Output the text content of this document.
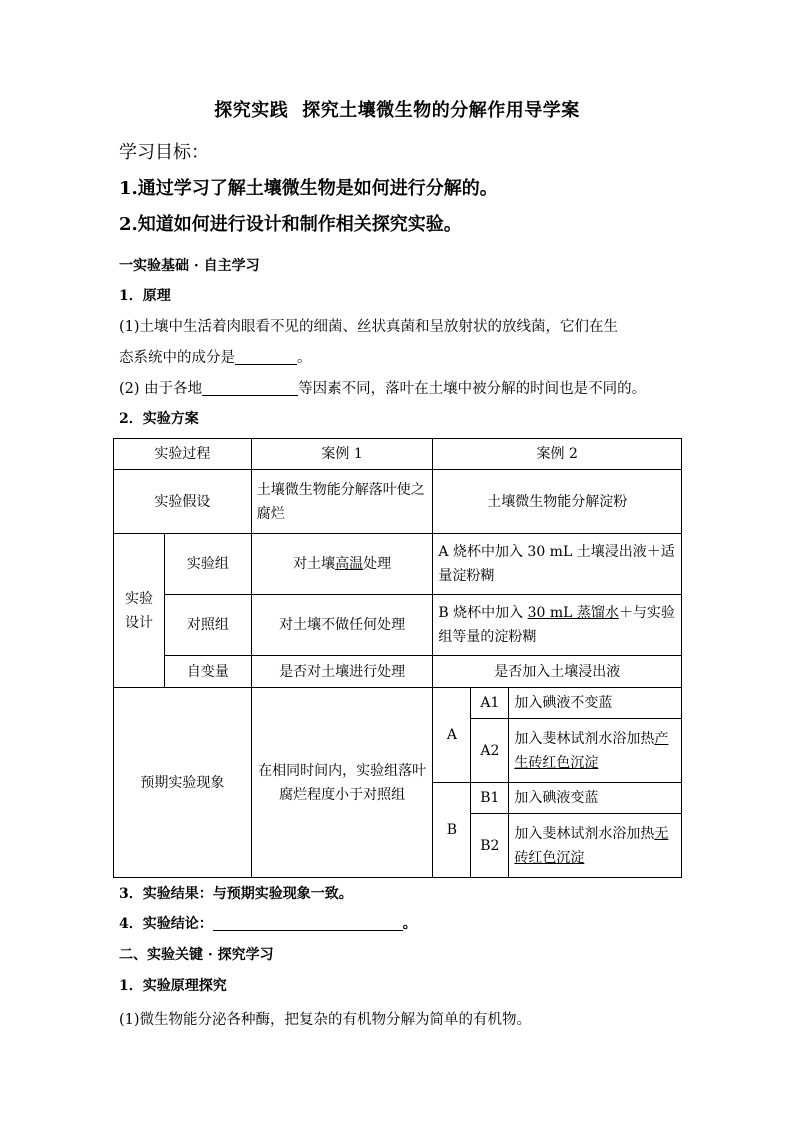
探究实践 探究土壤微生物的分解作用导学案
学习目标：
1.通过学习了解土壤微生物是如何进行分解的。
2.知道如何进行设计和制作相关探究实验。
一实验基础 · 自主学习
1．原理
(1)土壤中生活着肉眼看不见的细菌、丝状真菌和呈放射状的放线菌，它们在生
态系统中的成分是	。
(2) 由于各地	等因素不同，落叶在土壤中被分解的时间也是不同的。
2．实验方案
实验过程		案例 1	案例 2		
实验假设		土壤微生物能分解落叶使之腐烂	土壤微生物能分解淀粉		
实验设计	实验组	对土壤高温处理	A 烧杯中加入 30 mL 土壤浸出液＋适量淀粉糊		
	对照组	对土壤不做任何处理	B 烧杯中加入 30 mL 蒸馏水＋与实验组等量的淀粉糊		
	自变量	是否对土壤进行处理	是否加入土壤浸出液		
预期实验现象		在相同时间内，实验组落叶腐烂程度小于对照组	A	A1	加入碘液不变蓝
				A2	加入斐林试剂水浴加热产生砖红色沉淀
			B	B1	加入碘液变蓝
				B2	加入斐林试剂水浴加热无砖红色沉淀
3．实验结果：与预期实验现象一致。
4．实验结论：	。
二、实验关键 · 探究学习
1．实验原理探究
(1)微生物能分泌各种酶，把复杂的有机物分解为简单的有机物。
